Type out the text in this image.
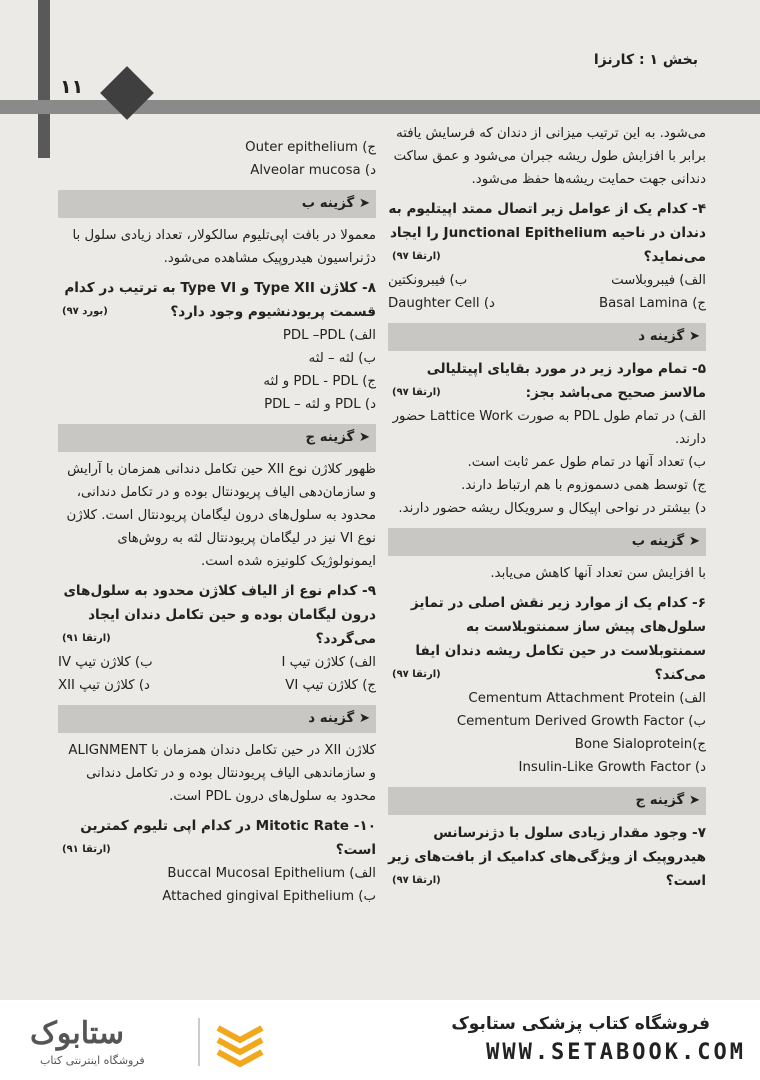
بخش ۱ : کارنزا
۱۱

می‌شود. به این ترتیب میزانی از دندان که فرسایش یافته برابر با افزایش طول ریشه جبران می‌شود و عمق ساکت دندانی جهت حمایت ریشه‌ها حفظ می‌شود.

۴- کدام یک از عوامل زیر اتصال ممتد اپیتلیوم به دندان در ناحیه Junctional Epithelium را ایجاد می‌نماید؟
(ارتقا ۹۷)

الف) فیبروبلاست
ب) فیبرونکتین
ج) Basal Lamina
د) Daughter Cell
➤ گزینه د

۵- تمام موارد زیر در مورد بقایای اپیتلیالی مالاسز صحیح می‌باشد بجز:
(ارتقا ۹۷)

الف) در تمام طول PDL به صورت Lattice Work حضور دارند.

ب) تعداد آنها در تمام طول عمر ثابت است.

ج) توسط همی دسموزوم با هم ارتباط دارند.

د) بیشتر در نواحی اپیکال و سرویکال ریشه حضور دارند.

➤ گزینه ب

با افزایش سن تعداد آنها کاهش می‌یابد.

۶- کدام یک از موارد زیر نقش اصلی در تمایز سلول‌های پیش ساز سمنتوبلاست به سمنتوبلاست در حین تکامل ریشه دندان ایفا می‌کند؟
(ارتقا ۹۷)

Cementum Attachment Protein (الف

Cementum Derived Growth Factor (ب

Bone Sialoprotein(ج

Insulin-Like Growth Factor (د

➤ گزینه ج

۷- وجود مقدار زیادی سلول با دژنرسانس هیدروپیک از ویژگی‌های کدامیک از بافت‌های زیر است؟
(ارتقا ۹۷)

ج) Outer epithelium

د) Alveolar mucosa

➤ گزینه ب

معمولا در بافت اپی‌تلیوم سالکولار، تعداد زیادی سلول با دژنراسیون هیدروپیک مشاهده می‌شود.

۸- کلاژن Type XII و Type VI به ترتیب در کدام قسمت پریودنشیوم وجود دارد؟
(بورد ۹۷)

الف) PDL –PDL

ب) لثه – لثه

ج) PDL - PDL و لثه

د) PDL و لثه – PDL

➤ گزینه ج

ظهور کلاژن نوع XII حین تکامل دندانی همزمان با آرایش و سازمان‌دهی الیاف پریودنتال بوده و در تکامل دندانی، محدود به سلول‌های درون لیگامان پریودنتال است. کلاژن نوع VI نیز در لیگامان پریودنتال لثه به روش‌های ایمونولوژیک کلونیزه شده است.

۹- کدام نوع از الیاف کلاژن محدود به سلول‌های درون لیگامان بوده و حین تکامل دندان ایجاد می‌گردد؟
(ارتقا ۹۱)

الف) کلاژن تیپ I
ب) کلاژن تیپ IV
ج) کلاژن تیپ VI
د) کلاژن تیپ XII
➤ گزینه د

کلاژن XII در حین تکامل دندان همزمان با ALIGNMENT و سازماندهی الیاف پریودنتال بوده و در تکامل دندانی محدود به سلول‌های درون PDL است.

۱۰- Mitotic Rate در کدام اپی تلیوم کمترین است؟
(ارتقا ۹۱)

Buccal Mucosal Epithelium (الف

Attached gingival Epithelium (ب

ستابوک
فروشگاه اینترنتی کتاب
فروشگاه کتاب پزشکی ستابوک
WWW.SETABOOK.COM
